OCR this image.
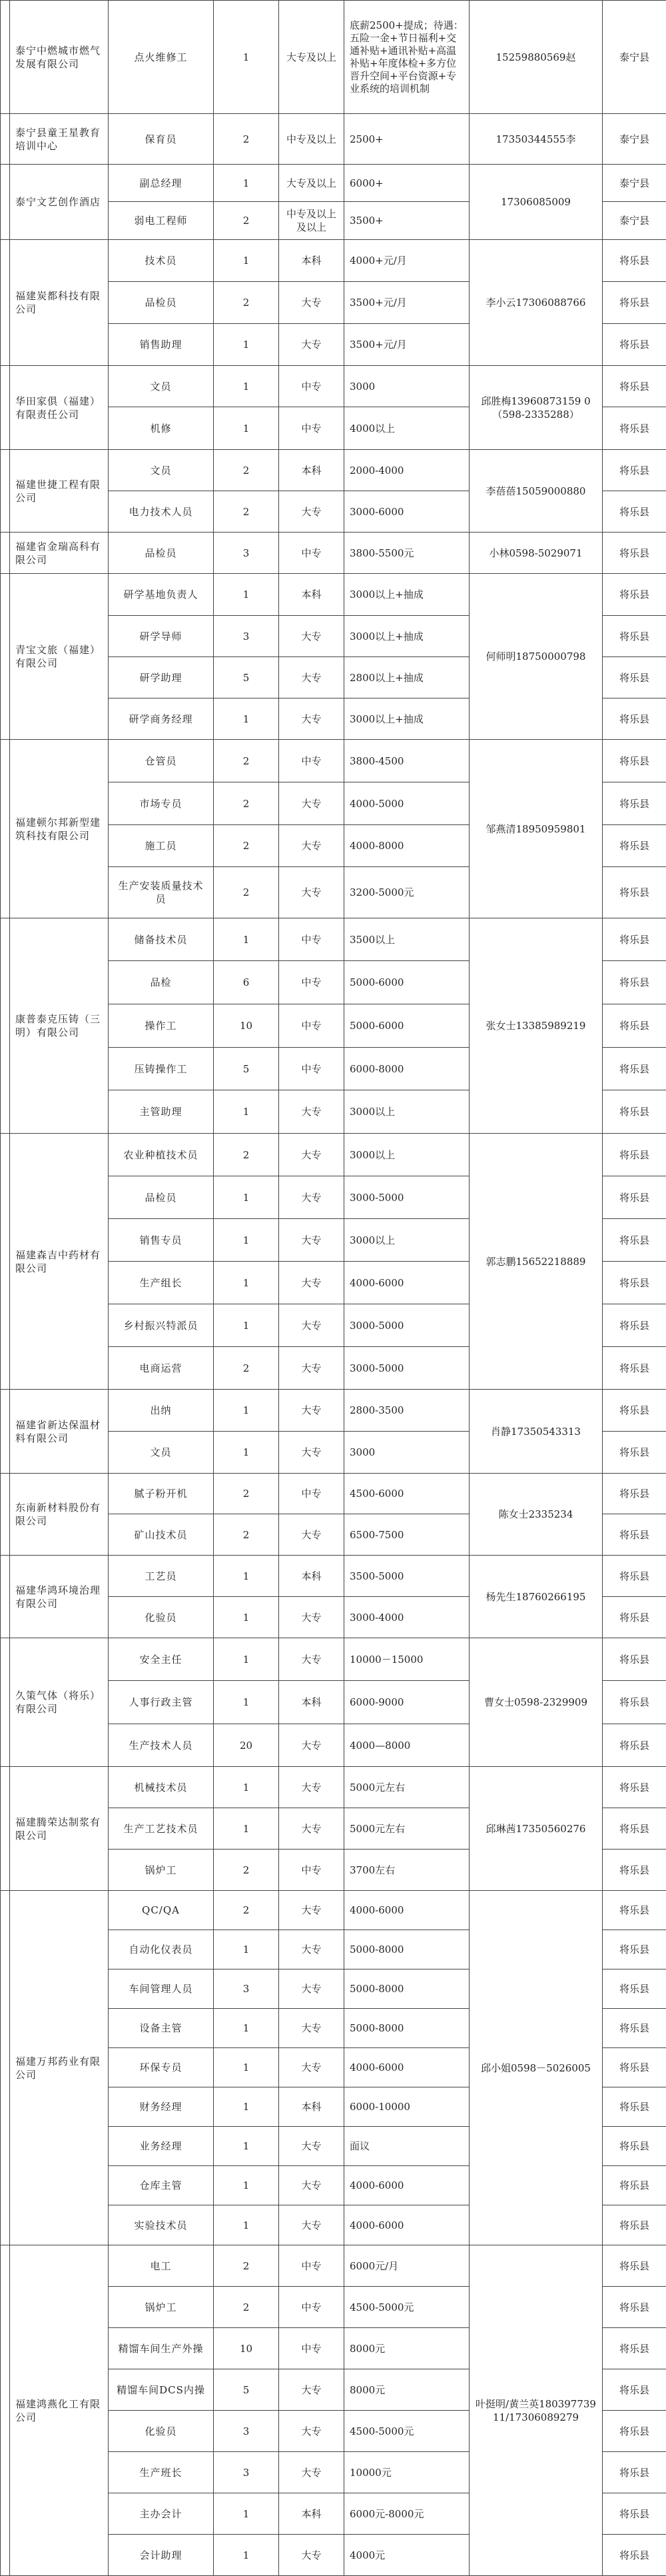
	泰宁中燃城市燃气发展有限公司	点火维修工	1	大专及以上	底薪2500+提成；待遇：五险一金+节日福利+交通补贴+通讯补贴+高温补贴+年度体检+多方位晋升空间+平台资源+专业系统的培训机制	15259880569赵	泰宁县
	泰宁县童王星教育培训中心	保育员	2	中专及以上	2500+	17350344555李	泰宁县
	泰宁文艺创作酒店	副总经理	1	大专及以上	6000+	17306085009	泰宁县
		弱电工程师	2	中专及以上及以上	3500+		泰宁县
	福建炭都科技有限公司	技术员	1	本科	4000+元/月	李小云17306088766	将乐县
		品检员	2	大专	3500+元/月		将乐县
		销售助理	1	大专	3500+元/月		将乐县
	华田家俱（福建）有限责任公司	文员	1	中专	3000	邱胜梅13960873159 0（598-2335288）	将乐县
		机修	1	中专	4000以上		将乐县
	福建世捷工程有限公司	文员	2	本科	2000-4000	李蓓蓓15059000880	将乐县
		电力技术人员	2	大专	3000-6000		将乐县
	福建省金瑞高科有限公司	品检员	3	中专	3800-5500元	小林0598-5029071	将乐县
	青宝文旅（福建）有限公司	研学基地负责人	1	本科	3000以上+抽成	何师明18750000798	将乐县
		研学导师	3	大专	3000以上+抽成		将乐县
		研学助理	5	大专	2800以上+抽成		将乐县
		研学商务经理	1	大专	3000以上+抽成		将乐县
	福建顿尔邦新型建筑科技有限公司	仓管员	2	中专	3800-4500	邹燕清18950959801	将乐县
		市场专员	2	大专	4000-5000		将乐县
		施工员	2	大专	4000-8000		将乐县
		生产安装质量技术员	2	大专	3200-5000元		将乐县
	康普泰克压铸（三明）有限公司	储备技术员	1	中专	3500以上	张女士13385989219	将乐县
		品检	6	中专	5000-6000		将乐县
		操作工	10	中专	5000-6000		将乐县
		压铸操作工	5	中专	6000-8000		将乐县
		主管助理	1	大专	3000以上		将乐县
	福建森吉中药材有限公司	农业种植技术员	2	大专	3000以上	郭志鹏15652218889	将乐县
		品检员	1	大专	3000-5000		将乐县
		销售专员	1	大专	3000以上		将乐县
		生产组长	1	大专	4000-6000		将乐县
		乡村振兴特派员	1	大专	3000-5000		将乐县
		电商运营	2	大专	3000-5000		将乐县
	福建省新达保温材料有限公司	出纳	1	大专	2800-3500	肖静17350543313	将乐县
		文员	1	大专	3000		将乐县
	东南新材料股份有限公司	腻子粉开机	2	中专	4500-6000	陈女士2335234	将乐县
		矿山技术员	2	大专	6500-7500		将乐县
	福建华鸿环境治理有限公司	工艺员	1	本科	3500-5000	杨先生18760266195	将乐县
		化验员	1	大专	3000-4000		将乐县
	久策气体（将乐）有限公司	安全主任	1	大专	10000－15000	曹女士0598-2329909	将乐县
		人事行政主管	1	本科	6000-9000		将乐县
		生产技术人员	20	大专	4000—8000		将乐县
	福建腾荣达制浆有限公司	机械技术员	1	大专	5000元左右	邱琳茜17350560276	将乐县
		生产工艺技术员	1	大专	5000元左右		将乐县
		锅炉工	2	中专	3700左右		将乐县
	福建万邦药业有限公司	QC/QA	2	大专	4000-6000	邱小姐0598－5026005	将乐县
		自动化仪表员	1	大专	5000-8000		将乐县
		车间管理人员	3	大专	5000-8000		将乐县
		设备主管	1	大专	5000-8000		将乐县
		环保专员	1	大专	4000-6000		将乐县
		财务经理	1	本科	6000-10000		将乐县
		业务经理	1	大专	面议		将乐县
		仓库主管	1	大专	4000-6000		将乐县
		实验技术员	1	大专	4000-6000		将乐县
	福建鸿燕化工有限公司	电工	2	中专	6000元/月	叶挺明/黄兰英18039773911/17306089279	将乐县
		锅炉工	2	中专	4500-5000元		将乐县
		精馏车间生产外操	10	中专	8000元		将乐县
		精馏车间DCS内操	5	大专	8000元		将乐县
		化验员	3	大专	4500-5000元		将乐县
		生产班长	3	大专	10000元		将乐县
		主办会计	1	本科	6000元-8000元		将乐县
		会计助理	1	大专	4000元		将乐县
